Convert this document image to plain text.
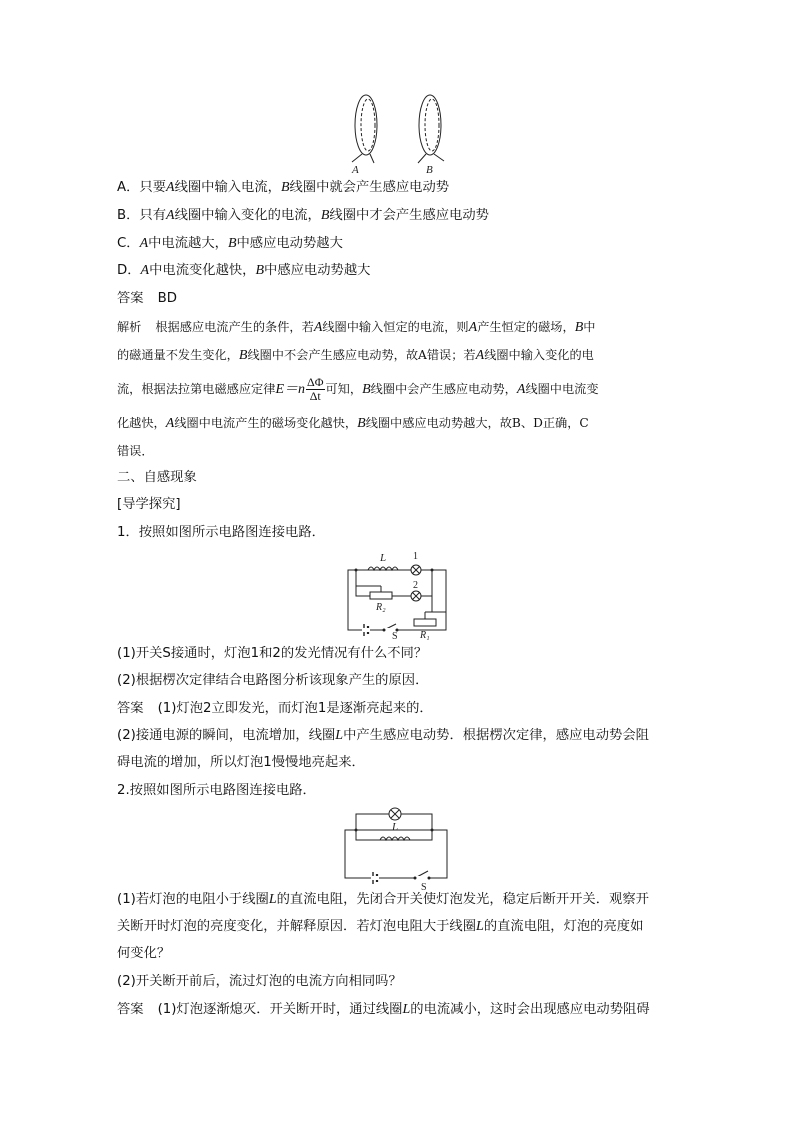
A	B
A．只要A线圈中输入电流，B线圈中就会产生感应电动势
B．只有A线圈中输入变化的电流，B线圈中才会产生感应电动势
C．A中电流越大，B中感应电动势越大
D．A中电流变化越快，B中感应电动势越大
答案 BD
解析 根据感应电流产生的条件，若A线圈中输入恒定的电流，则A产生恒定的磁场，B中
的磁通量不发生变化，B线圈中不会产生感应电动势，故A错误；若A线圈中输入变化的电
流，根据法拉第电磁感应定律$E=n \frac{\Delta\Phi}{\Delta t}$ 可知，B线圈中会产生感应电动势，A线圈中电流变
化越快，A线圈中电流产生的磁场变化越快，B线圈中感应电动势越大，故B、D正确，C
错误．
二、自感现象
[导学探究]
1．按照如图所示电路图连接电路．
L	1
2
R₂
S R₁
(1)开关S接通时，灯泡1和2的发光情况有什么不同？
(2)根据楞次定律结合电路图分析该现象产生的原因．
答案 (1)灯泡2立即发光，而灯泡1是逐渐亮起来的．
(2)接通电源的瞬间，电流增加，线圈L中产生感应电动势．根据楞次定律，感应电动势会阻
碍电流的增加，所以灯泡1慢慢地亮起来．
2.按照如图所示电路图连接电路．
L
S
(1)若灯泡的电阻小于线圈L的直流电阻，先闭合开关使灯泡发光，稳定后断开开关．观察开
关断开时灯泡的亮度变化，并解释原因．若灯泡电阻大于线圈L的直流电阻，灯泡的亮度如
何变化？
(2)开关断开前后，流过灯泡的电流方向相同吗？
答案 (1)灯泡逐渐熄灭．开关断开时，通过线圈L的电流减小，这时会出现感应电动势阻碍
